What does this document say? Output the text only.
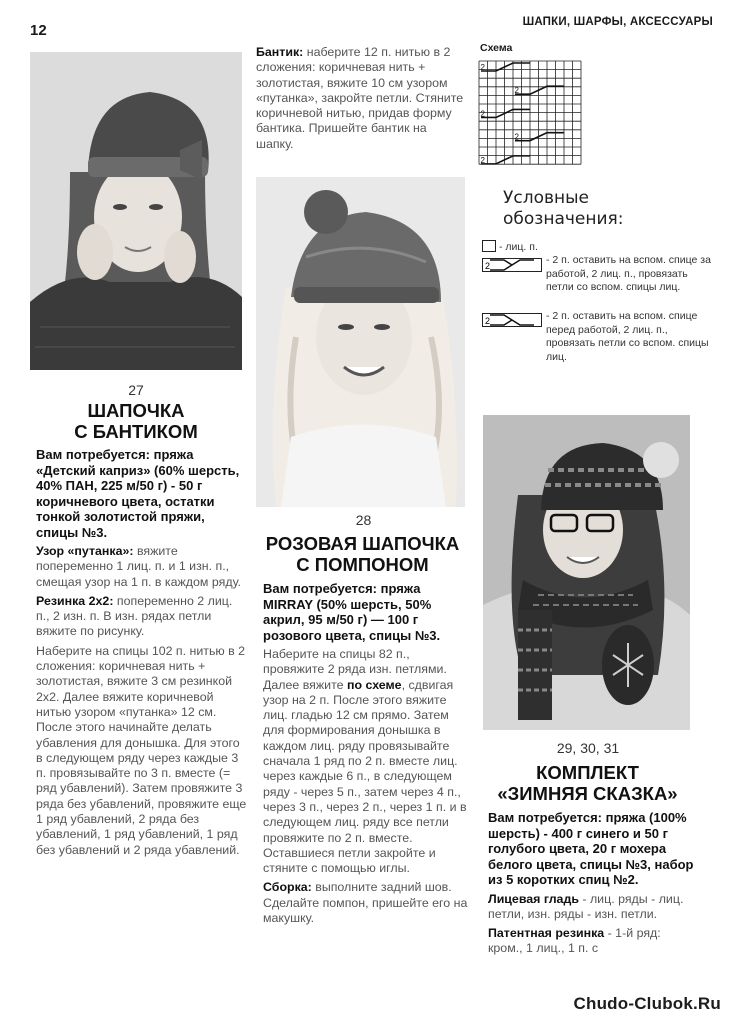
12	ШАПКИ, ШАРФЫ, АКСЕССУАРЫ
27
ШАПОЧКА
С БАНТИКОМ

Вам потребуется: пряжа «Детский каприз» (60% шерсть, 40% ПАН, 225 м/50 г) - 50 г коричневого цвета, остатки тонкой золотистой пряжи, спицы №3.

Узор «путанка»: вяжите попеременно 1 лиц. п. и 1 изн. п., смещая узор на 1 п. в каждом ряду.

Резинка 2х2: попеременно 2 лиц. п., 2 изн. п. В изн. рядах петли вяжите по рисунку.

Наберите на спицы 102 п. нитью в 2 сложения: коричневая нить + золотистая, вяжите 3 см резинкой 2х2. Далее вяжите коричневой нитью узором «путанка» 12 см. После этого начинайте делать убавления для донышка. Для этого в следующем ряду через каждые 3 п. провязывайте по 3 п. вместе (= ряд убавлений). Затем провяжите 3 ряда без убавлений, провяжите еще 1 ряд убавлений, 2 ряда без убавлений, 1 ряд убавлений, 1 ряд без убавлений и 2 ряда убавлений.

Бантик: наберите 12 п. нитью в 2 сложения: коричневая нить + золотистая, вяжите 10 см узором «путанка», закройте петли. Стяните коричневой нитью, придав форму бантика. Пришейте бантик на шапку.

28
РОЗОВАЯ ШАПОЧКА
С ПОМПОНОМ

Вам потребуется: пряжа MIRRAY (50% шерсть, 50% акрил, 95 м/50 г) — 100 г розового цвета, спицы №3.

Наберите на спицы 82 п., провяжите 2 ряда изн. петлями. Далее вяжите по схеме, сдвигая узор на 2 п. После этого вяжите лиц. гладью 12 см прямо. Затем для формирования донышка в каждом лиц. ряду провязывайте сначала 1 ряд по 2 п. вместе лиц. через каждые 6 п., в следующем ряду - через 5 п., затем через 4 п., через 3 п., через 2 п., через 1 п. и в следующем лиц. ряду все петли провяжите по 2 п. вместе. Оставшиеся петли закройте и стяните с помощью иглы.

Сборка: выполните задний шов. Сделайте помпон, пришейте его на макушку.

Схема
2
2
2
2
2
Условные
обозначения:
- лиц. п.
2	- 2 п. оставить на вспом. спице за работой, 2 лиц. п., провязать петли со вспом. спицы лиц.
2	- 2 п. оставить на вспом. спице перед работой, 2 лиц. п., провязать петли со вспом. спицы лиц.
29, 30, 31
КОМПЛЕКТ
«ЗИМНЯЯ СКАЗКА»

Вам потребуется: пряжа (100% шерсть) - 400 г синего и 50 г голубого цвета, 20 г мохера белого цвета, спицы №3, набор из 5 коротких спиц №2.

Лицевая гладь - лиц. ряды - лиц. петли, изн. ряды - изн. петли.

Патентная резинка - 1-й ряд: кром., 1 лиц., 1 п. с

Chudo-Clubok.Ru
